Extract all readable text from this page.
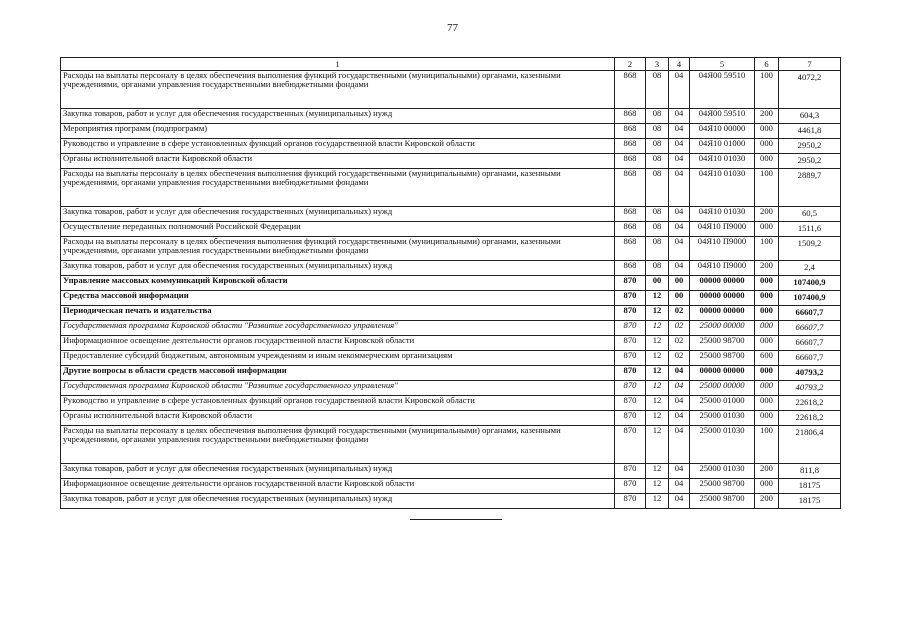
77
1	2	3	4	5	6	7
Расходы на выплаты персоналу в целях обеспечения выполнения функций государственными (муниципальными) органами, казенными учреждениями, органами управления государственными внебюджетными фондами	868	08	04	04Я00 59510	100	4072,2
Закупка товаров, работ и услуг для обеспечения государственных (муниципальных) нужд	868	08	04	04Я00 59510	200	604,3
Мероприятия программ (подпрограмм)	868	08	04	04Я10 00000	000	4461,8
Руководство и управление в сфере установленных функций органов государственной власти Кировской области	868	08	04	04Я10 01000	000	2950,2
Органы исполнительной власти Кировской области	868	08	04	04Я10 01030	000	2950,2
Расходы на выплаты персоналу в целях обеспечения выполнения функций государственными (муниципальными) органами, казенными учреждениями, органами управления государственными внебюджетными фондами	868	08	04	04Я10 01030	100	2889,7
Закупка товаров, работ и услуг для обеспечения государственных (муниципальных) нужд	868	08	04	04Я10 01030	200	60,5
Осуществление переданных полномочий Российской Федерации	868	08	04	04Я10 П9000	000	1511,6
Расходы на выплаты персоналу в целях обеспечения выполнения функций государственными (муниципальными) органами, казенными учреждениями, органами управления государственными внебюджетными фондами	868	08	04	04Я10 П9000	100	1509,2
Закупка товаров, работ и услуг для обеспечения государственных (муниципальных) нужд	868	08	04	04Я10 П9000	200	2,4
Управление массовых коммуникаций Кировской области	870	00	00	00000 00000	000	107400,9
Средства массовой информации	870	12	00	00000 00000	000	107400,9
Периодическая печать и издательства	870	12	02	00000 00000	000	66607,7
Государственная программа Кировской области "Развитие государственного управления"	870	12	02	25000 00000	000	66607,7
Информационное освещение деятельности органов государственной власти Кировской области	870	12	02	25000 98700	000	66607,7
Предоставление субсидий бюджетным, автономным учреждениям и иным некоммерческим организациям	870	12	02	25000 98700	600	66607,7
Другие вопросы в области средств массовой информации	870	12	04	00000 00000	000	40793,2
Государственная программа Кировской области "Развитие государственного управления"	870	12	04	25000 00000	000	40793,2
Руководство и управление в сфере установленных функций органов государственной власти Кировской области	870	12	04	25000 01000	000	22618,2
Органы исполнительной власти Кировской области	870	12	04	25000 01030	000	22618,2
Расходы на выплаты персоналу в целях обеспечения выполнения функций государственными (муниципальными) органами, казенными учреждениями, органами управления государственными внебюджетными фондами	870	12	04	25000 01030	100	21806,4
Закупка товаров, работ и услуг для обеспечения государственных (муниципальных) нужд	870	12	04	25000 01030	200	811,8
Информационное освещение деятельности органов государственной власти Кировской области	870	12	04	25000 98700	000	18175
Закупка товаров, работ и услуг для обеспечения государственных (муниципальных) нужд	870	12	04	25000 98700	200	18175
